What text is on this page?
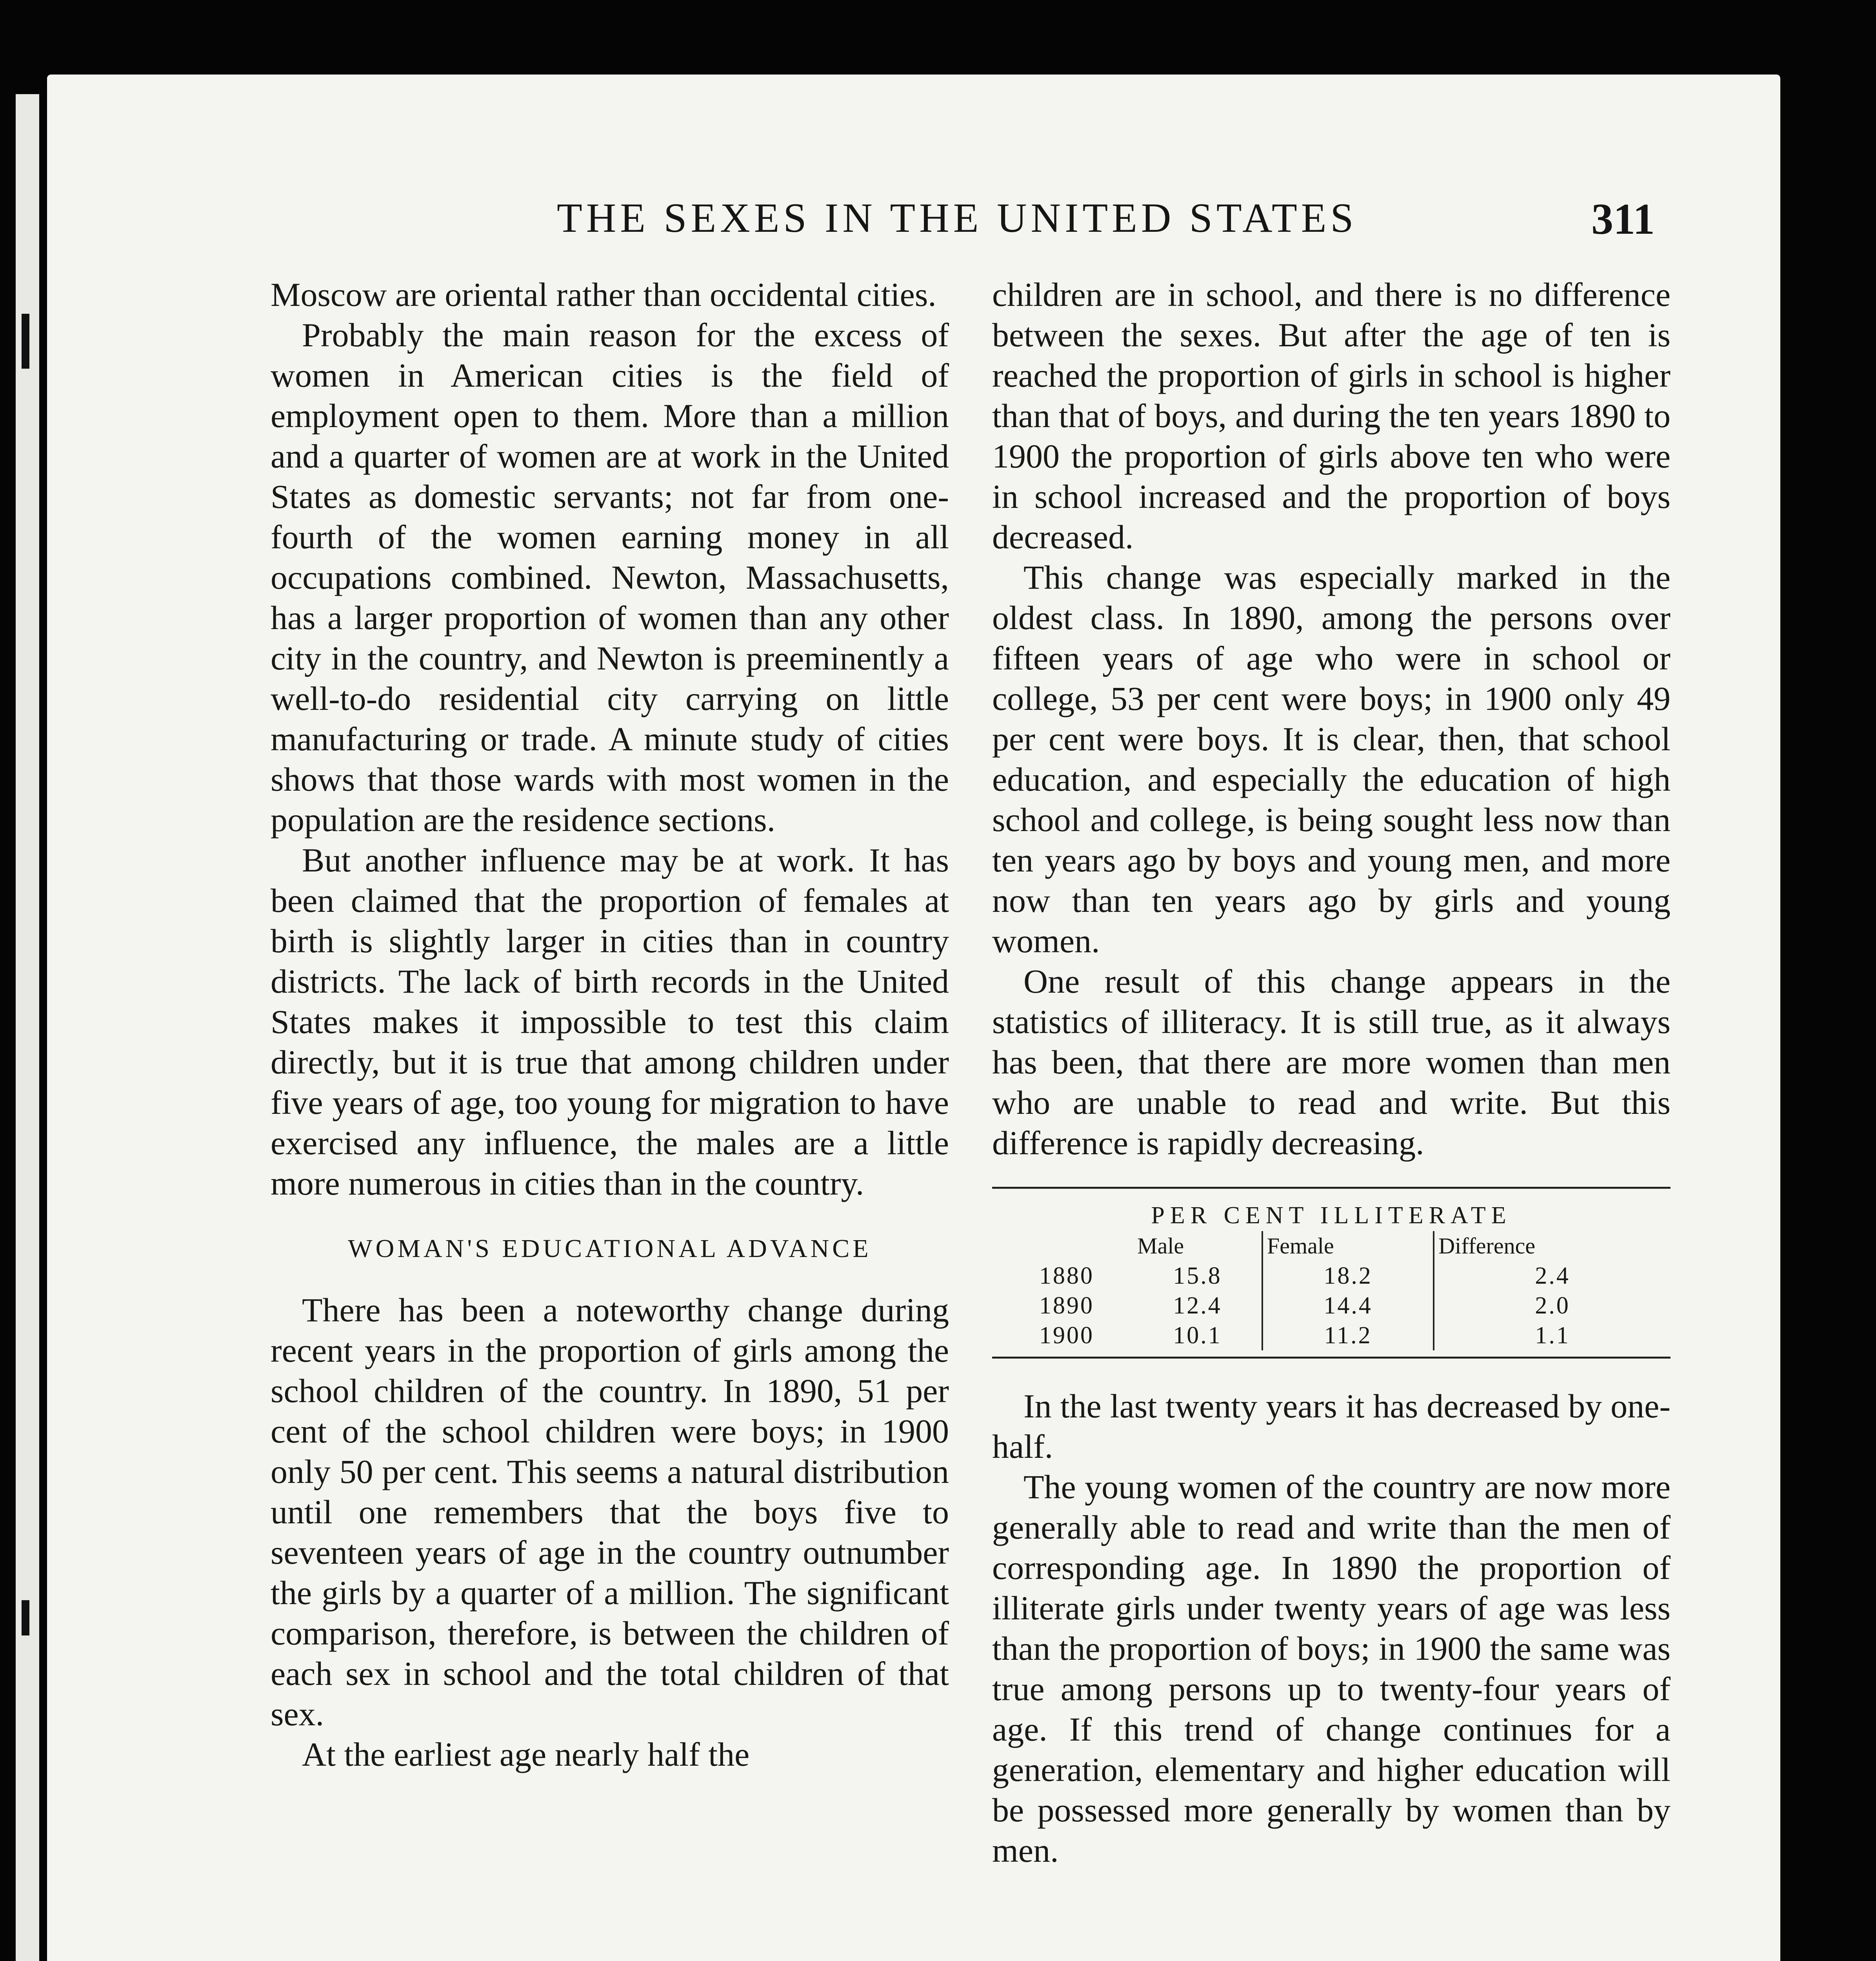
THE SEXES IN THE UNITED STATES	311

Moscow are oriental rather than occidental cities.

Probably the main reason for the excess of women in American cities is the field of employment open to them. More than a million and a quarter of women are at work in the United States as domestic servants; not far from one-fourth of the women earning money in all occupations combined. Newton, Massachusetts, has a larger proportion of women than any other city in the country, and Newton is preeminently a well-to-do residential city carrying on little manufacturing or trade. A minute study of cities shows that those wards with most women in the population are the residence sections.

But another influence may be at work. It has been claimed that the proportion of females at birth is slightly larger in cities than in country districts. The lack of birth records in the United States makes it impossible to test this claim directly, but it is true that among children under five years of age, too young for migration to have exercised any influence, the males are a little more numerous in cities than in the country.

WOMAN'S EDUCATIONAL ADVANCE

There has been a noteworthy change during recent years in the proportion of girls among the school children of the country. In 1890, 51 per cent of the school children were boys; in 1900 only 50 per cent. This seems a natural distribution until one remembers that the boys five to seventeen years of age in the country outnumber the girls by a quarter of a million. The significant comparison, therefore, is between the children of each sex in school and the total children of that sex.

At the earliest age nearly half the

children are in school, and there is no difference between the sexes. But after the age of ten is reached the proportion of girls in school is higher than that of boys, and during the ten years 1890 to 1900 the proportion of girls above ten who were in school increased and the proportion of boys decreased.

This change was especially marked in the oldest class. In 1890, among the persons over fifteen years of age who were in school or college, 53 per cent were boys; in 1900 only 49 per cent were boys. It is clear, then, that school education, and especially the education of high school and college, is being sought less now than ten years ago by boys and young men, and more now than ten years ago by girls and young women.

One result of this change appears in the statistics of illiteracy. It is still true, as it always has been, that there are more women than men who are unable to read and write. But this difference is rapidly decreasing.

PER CENT ILLITERATE
	Male	Female	Difference
1880	15.8	18.2	2.4
1890	12.4	14.4	2.0
1900	10.1	11.2	1.1

In the last twenty years it has decreased by one-half.

The young women of the country are now more generally able to read and write than the men of corresponding age. In 1890 the proportion of illiterate girls under twenty years of age was less than the proportion of boys; in 1900 the same was true among persons up to twenty-four years of age. If this trend of change continues for a generation, elementary and higher education will be possessed more generally by women than by men.
